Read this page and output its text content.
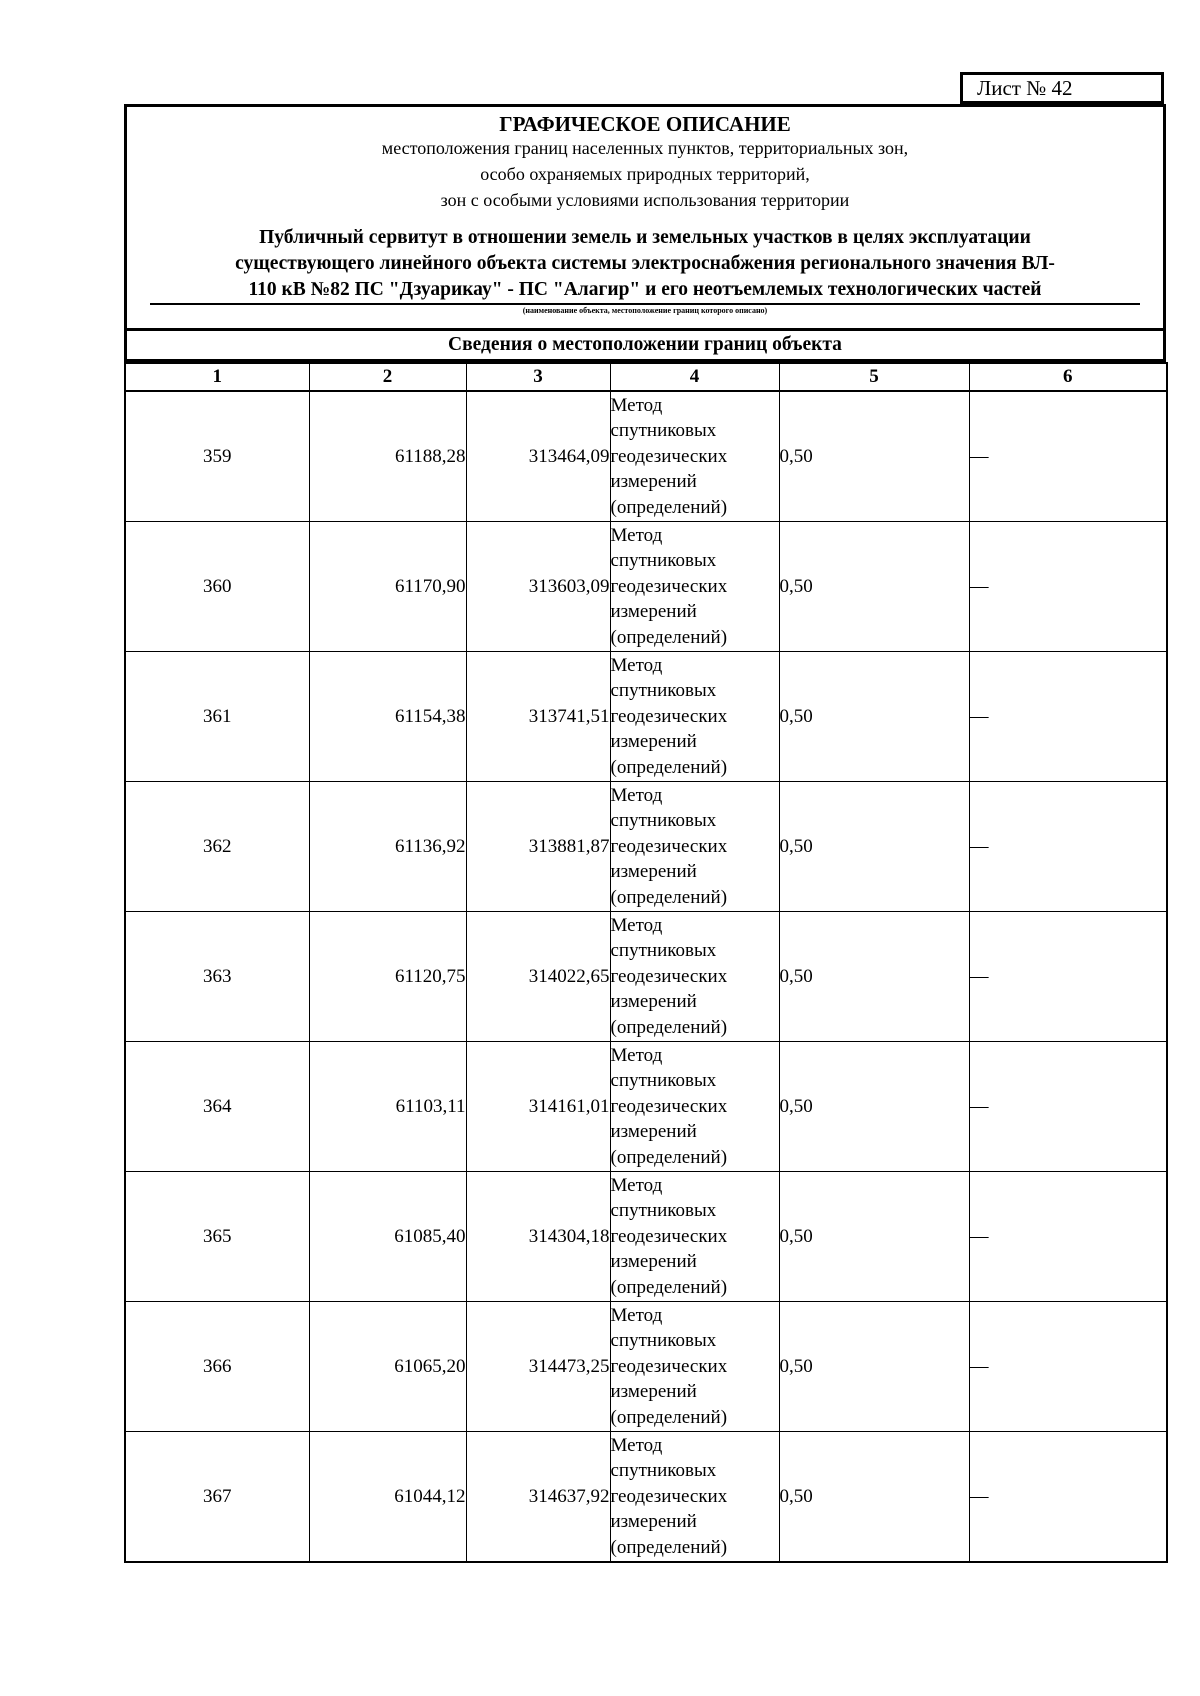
Лист № 42
ГРАФИЧЕСКОЕ ОПИСАНИЕ
местоположения границ населенных пунктов, территориальных зон,
особо охраняемых природных территорий,
зон с особыми условиями использования территории
Публичный сервитут в отношении земель и земельных участков в целях эксплуатации
существующего линейного объекта системы электроснабжения регионального значения ВЛ-
110 кВ №82 ПС "Дзуарикау" - ПС "Алагир" и его неотъемлемых технологических частей
(наименование объекта, местоположение границ которого описано)
Сведения о местоположении границ объекта
1	2	3	4	5	6
359	61188,28	313464,09	Метод
спутниковых
геодезических
измерений
(определений)	0,50	—
360	61170,90	313603,09	Метод
спутниковых
геодезических
измерений
(определений)	0,50	—
361	61154,38	313741,51	Метод
спутниковых
геодезических
измерений
(определений)	0,50	—
362	61136,92	313881,87	Метод
спутниковых
геодезических
измерений
(определений)	0,50	—
363	61120,75	314022,65	Метод
спутниковых
геодезических
измерений
(определений)	0,50	—
364	61103,11	314161,01	Метод
спутниковых
геодезических
измерений
(определений)	0,50	—
365	61085,40	314304,18	Метод
спутниковых
геодезических
измерений
(определений)	0,50	—
366	61065,20	314473,25	Метод
спутниковых
геодезических
измерений
(определений)	0,50	—
367	61044,12	314637,92	Метод
спутниковых
геодезических
измерений
(определений)	0,50	—
